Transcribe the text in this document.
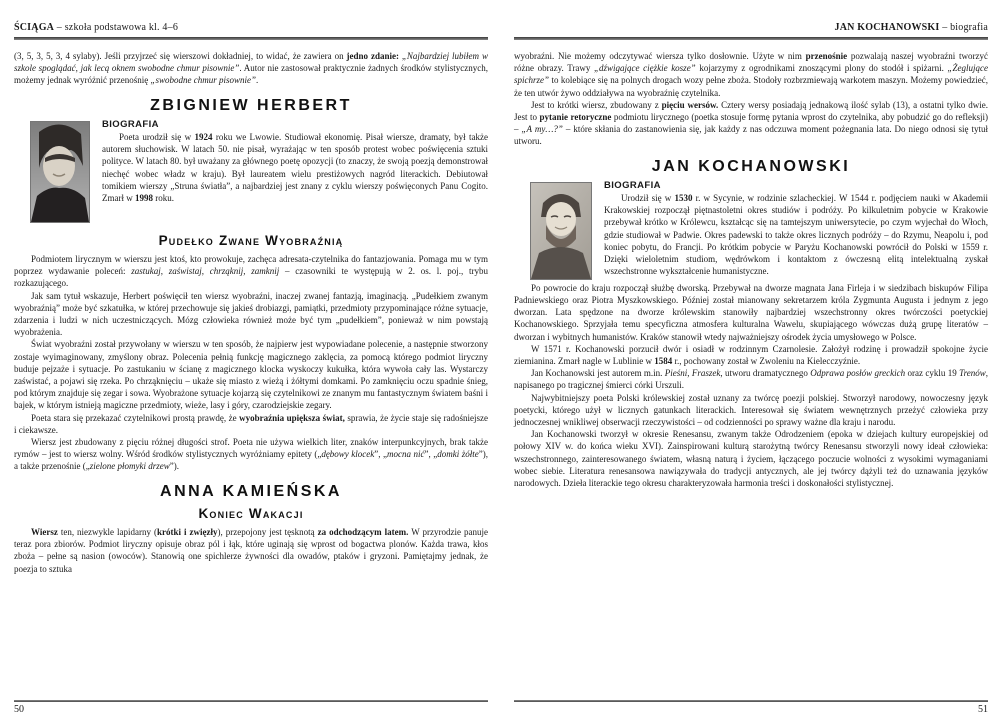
ŚCIĄGA – szkoła podstawowa kl. 4–6

(3, 5, 3, 5, 3, 4 sylaby). Jeśli przyjrzeć się wierszowi dokładniej, to widać, że zawiera on jedno zdanie: „Najbardziej lubiłem w szkole spoglądać, jak lecą oknem swobodne chmur pisownie”. Autor nie zastosował praktycznie żadnych środków stylistycznych, możemy jednak wyróżnić przenośnię „swobodne chmur pisownie”.

ZBIGNIEW HERBERT

BIOGRAFIA

Poeta urodził się w 1924 roku we Lwowie. Studiował ekonomię. Pisał wiersze, dramaty, był także autorem słuchowisk. W latach 50. nie pisał, wyrażając w ten sposób protest wobec poświęcenia sztuki polityce. W latach 80. był uważany za głównego poetę opozycji (to znaczy, że swoją poezją demonstrował niechęć wobec władz w kraju). Był laureatem wielu prestiżowych nagród literackich. Debiutował tomikiem wierszy „Struna światła”, a najbardziej jest znany z cyklu wierszy poświęconych Panu Cogito. Zmarł w 1998 roku.

Pudełko Zwane Wyobraźnią

Podmiotem lirycznym w wierszu jest ktoś, kto prowokuje, zachęca adresata-czytelnika do fantazjowania. Pomaga mu w tym poprzez wydawanie poleceń: zastukaj, zaświstaj, chrząknij, zamknij – czasowniki te występują w 2. os. l. poj., trybu rozkazującego.

Jak sam tytuł wskazuje, Herbert poświęcił ten wiersz wyobraźni, inaczej zwanej fantazją, imaginacją. „Pudełkiem zwanym wyobraźnią” może być szkatułka, w której przechowuje się jakieś drobiazgi, pamiątki, przedmioty przypominające różne sytuacje, zdarzenia i ludzi w nich uczestniczących. Mózg człowieka również może być tym „pudełkiem”, ponieważ w nim powstają wyobrażenia.

Świat wyobraźni został przywołany w wierszu w ten sposób, że najpierw jest wypowiadane polecenie, a następnie stworzony zostaje wyimaginowany, zmyślony obraz. Polecenia pełnią funkcję magicznego zaklęcia, za pomocą którego podmiot liryczny buduje pejzaże i sytuacje. Po zastukaniu w ścianę z magicznego klocka wyskoczy kukułka, która wywoła cały las. Wystarczy zaświstać, a pojawi się rzeka. Po chrząknięciu – ukaże się miasto z wieżą i żółtymi domkami. Po zamknięciu oczu spadnie śnieg, pod którym znajduje się zegar i sowa. Wyobrażone sytuacje kojarzą się czytelnikowi ze znanym mu fantastycznym światem baśni i bajek, w którym istnieją magiczne przedmioty, wieże, lasy i góry, czarodziejskie zegary.

Poeta stara się przekazać czytelnikowi prostą prawdę, że wyobraźnia upiększa świat, sprawia, że życie staje się radośniejsze i ciekawsze.

Wiersz jest zbudowany z pięciu różnej długości strof. Poeta nie używa wielkich liter, znaków interpunkcyjnych, brak także rymów – jest to wiersz wolny. Wśród środków stylistycznych wyróżniamy epitety („dębowy klocek”, „mocna nić”, „domki żółte”), a także przenośnie („zielone płomyki drzew”).

ANNA KAMIEŃSKA
Koniec Wakacji

Wiersz ten, niezwykle lapidarny (krótki i zwięzły), przepojony jest tęsknotą za odchodzącym latem. W przyrodzie panuje teraz pora zbiorów. Podmiot liryczny opisuje obraz pól i łąk, które uginają się wprost od bogactwa plonów. Każda trawa, kłos zboża – pełne są nasion (owoców). Stanowią one spichlerze żywności dla owadów, ptaków i gryzoni. Pamiętajmy jednak, że poezja to sztuka

50
JAN KOCHANOWSKI – biografia

wyobraźni. Nie możemy odczytywać wiersza tylko dosłownie. Użyte w nim przenośnie pozwalają naszej wyobraźni tworzyć różne obrazy. Trawy „dźwigające ciężkie kosze” kojarzymy z ogrodnikami znoszącymi plony do stodół i spiżarni. „Żeglujące spichrze” to kolebiące się na polnych drogach wozy pełne zboża. Stodoły rozbrzmiewają warkotem maszyn. Możemy powiedzieć, że ten utwór żywo oddziaływa na wyobraźnię czytelnika.

Jest to krótki wiersz, zbudowany z pięciu wersów. Cztery wersy posiadają jednakową ilość sylab (13), a ostatni tylko dwie. Jest to pytanie retoryczne podmiotu lirycznego (poetka stosuje formę pytania wprost do czytelnika, aby pobudzić go do refleksji) – „A my…?” – które skłania do zastanowienia się, jak każdy z nas odczuwa moment pożegnania lata. Do niego odnosi się tytuł utworu.

JAN KOCHANOWSKI

BIOGRAFIA

Urodził się w 1530 r. w Sycynie, w rodzinie szlacheckiej. W 1544 r. podjęciem nauki w Akademii Krakowskiej rozpoczął piętnastoletni okres studiów i podróży. Po kilkuletnim pobycie w Krakowie przebywał krótko w Królewcu, kształcąc się na tamtejszym uniwersytecie, po czym wyjechał do Włoch, gdzie studiował w Padwie. Okres padewski to także okres licznych podróży – do Rzymu, Neapolu i, pod koniec pobytu, do Francji. Po krótkim pobycie w Paryżu Kochanowski powrócił do Polski w 1559 r. Dzięki wieloletnim studiom, wędrówkom i kontaktom z ówczesną elitą intelektualną zyskał wszechstronne wykształcenie humanistyczne.

Po powrocie do kraju rozpoczął służbę dworską. Przebywał na dworze magnata Jana Firleja i w siedzibach biskupów Filipa Padniewskiego oraz Piotra Myszkowskiego. Później został mianowany sekretarzem króla Zygmunta Augusta i jednym z jego dworzan. Lata spędzone na dworze królewskim stanowiły najbardziej wszechstronny okres twórczości poetyckiej Kochanowskiego. Sprzyjała temu specyficzna atmosfera kulturalna Wawelu, skupiającego wówczas dużą grupę literatów – dworzan i wybitnych humanistów. Kraków stanowił wtedy najważniejszy ośrodek życia umysłowego w Polsce.

W 1571 r. Kochanowski porzucił dwór i osiadł w rodzinnym Czarnolesie. Założył rodzinę i prowadził spokojne życie ziemianina. Zmarł nagle w Lublinie w 1584 r., pochowany został w Zwoleniu na Kielecczyźnie.

Jan Kochanowski jest autorem m.in. Pieśni, Fraszek, utworu dramatycznego Odprawa posłów greckich oraz cyklu 19 Trenów, napisanego po tragicznej śmierci córki Urszuli.

Najwybitniejszy poeta Polski królewskiej został uznany za twórcę poezji polskiej. Stworzył narodowy, nowoczesny język poetycki, którego użył w licznych gatunkach literackich. Interesował się światem wewnętrznych przeżyć człowieka przy jednoczesnej wnikliwej obserwacji rzeczywistości – od codzienności po sprawy ważne dla kraju i narodu.

Jan Kochanowski tworzył w okresie Renesansu, zwanym także Odrodzeniem (epoka w dziejach kultury europejskiej od połowy XIV w. do końca wieku XVI). Zainspirowani kulturą starożytną twórcy Renesansu stworzyli nowy ideał człowieka: wszechstronnego, zainteresowanego światem, własną naturą i życiem, łączącego poczucie wolności z wysokimi wymaganiami wobec siebie. Literatura renesansowa nawiązywała do tradycji antycznych, ale jej twórcy dążyli też do uznawania języków narodowych. Dzieła literackie tego okresu charakteryzowała harmonia treści i doskonałości stylistycznej.

51
